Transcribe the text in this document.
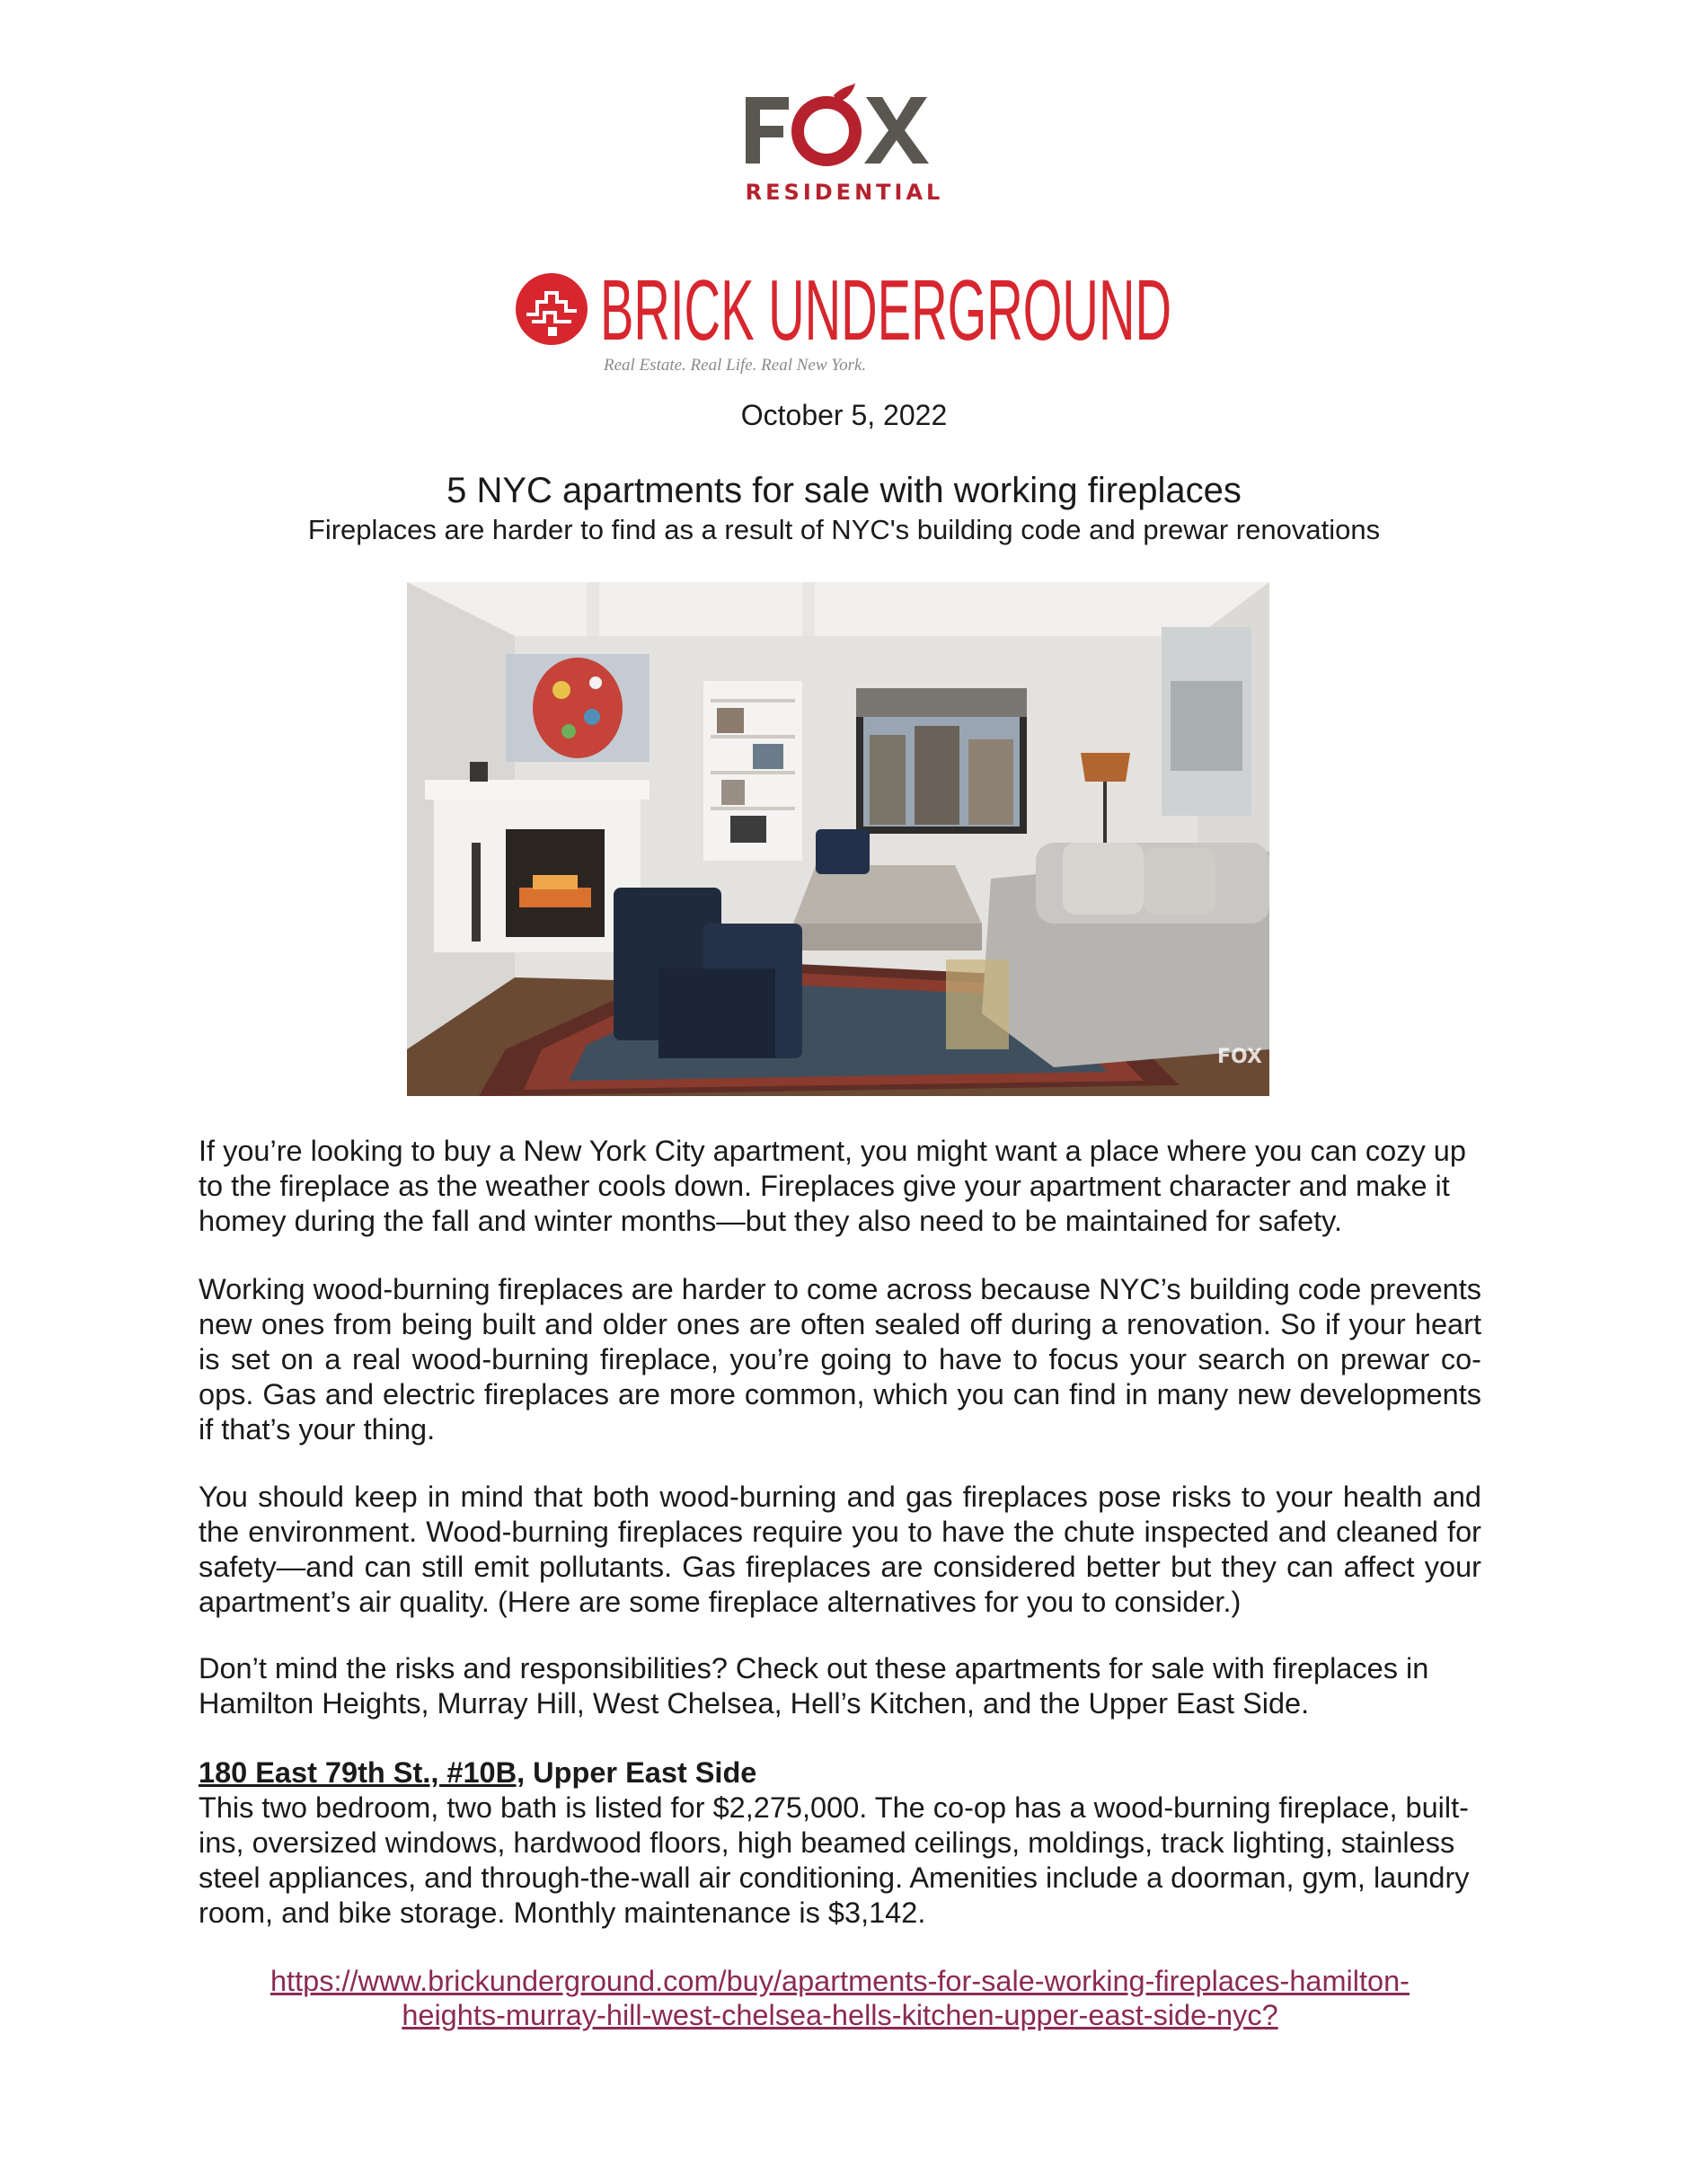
RESIDENTIAL
BRICK UNDERGROUND
Real Estate. Real Life. Real New York.
October 5, 2022
5 NYC apartments for sale with working fireplaces
Fireplaces are harder to find as a result of NYC's building code and prewar renovations
FOX
If you’re looking to buy a New York City apartment, you might want a place where you can cozy up to the fireplace as the weather cools down. Fireplaces give your apartment character and make it homey during the fall and winter months—but they also need to be maintained for safety.
Working wood-burning fireplaces are harder to come across because NYC’s building code prevents new ones from being built and older ones are often sealed off during a renovation. So if your heart is set on a real wood-burning fireplace, you’re going to have to focus your search on prewar co-ops. Gas and electric fireplaces are more common, which you can find in many new developments if that’s your thing.
You should keep in mind that both wood-burning and gas fireplaces pose risks to your health and the environment. Wood-burning fireplaces require you to have the chute inspected and cleaned for safety—and can still emit pollutants. Gas fireplaces are considered better but they can affect your apartment’s air quality. (Here are some fireplace alternatives for you to consider.)
Don’t mind the risks and responsibilities? Check out these apartments for sale with fireplaces in Hamilton Heights, Murray Hill, West Chelsea, Hell’s Kitchen, and the Upper East Side.
180 East 79th St., #10B, Upper East Side
This two bedroom, two bath is listed for $2,275,000. The co-op has a wood-burning fireplace, built-ins, oversized windows, hardwood floors, high beamed ceilings, moldings, track lighting, stainless steel appliances, and through-the-wall air conditioning. Amenities include a doorman, gym, laundry room, and bike storage. Monthly maintenance is $3,142.
https://www.brickunderground.com/buy/apartments-for-sale-working-fireplaces-hamilton-
heights-murray-hill-west-chelsea-hells-kitchen-upper-east-side-nyc?
